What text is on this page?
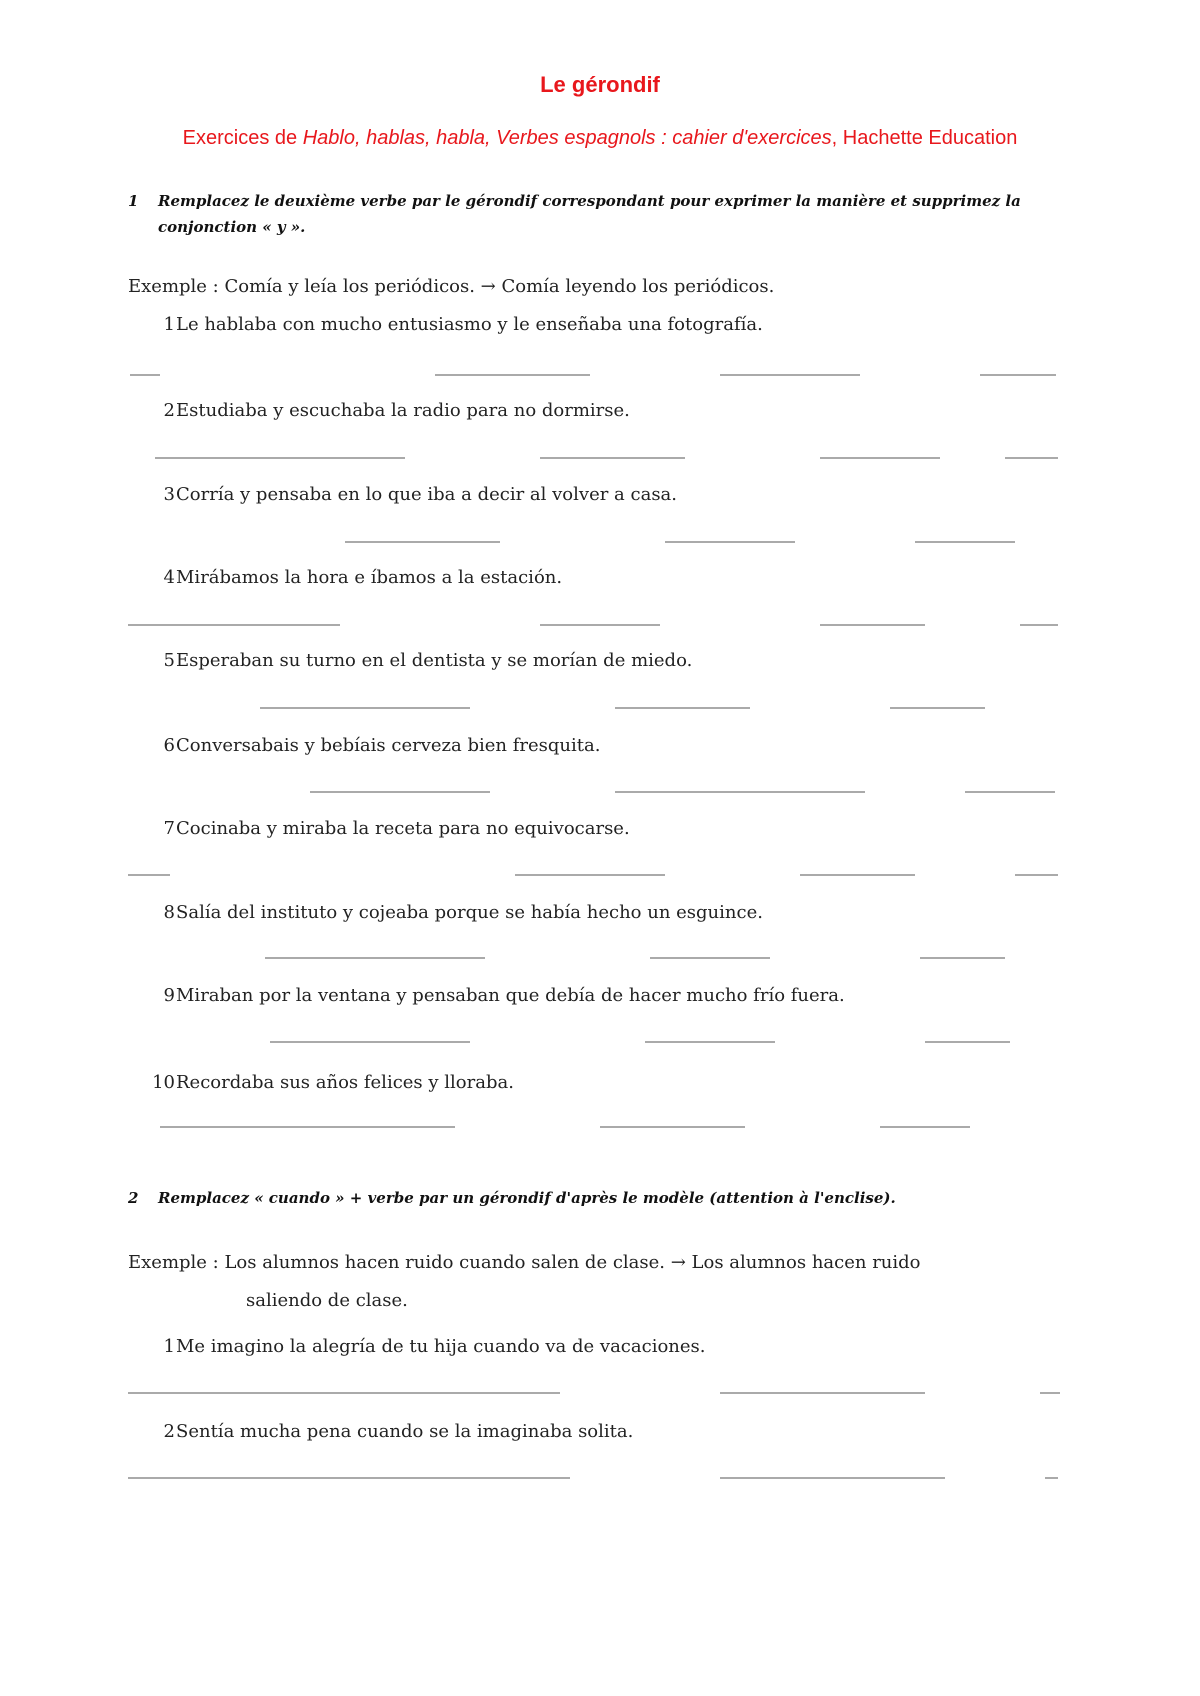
Le gérondif
Exercices de Hablo, hablas, habla, Verbes espagnols : cahier d'exercices, Hachette Education
1 Remplacez le deuxième verbe par le gérondif correspondant pour exprimer la manière et supprimez la conjonction « y ».
Exemple : Comía y leía los periódicos. → Comía leyendo los periódicos.
1 Le hablaba con mucho entusiasmo y le enseñaba una fotografía.
2 Estudiaba y escuchaba la radio para no dormirse.
3 Corría y pensaba en lo que iba a decir al volver a casa.
4 Mirábamos la hora e íbamos a la estación.
5 Esperaban su turno en el dentista y se morían de miedo.
6 Conversabais y bebíais cerveza bien fresquita.
7 Cocinaba y miraba la receta para no equivocarse.
8 Salía del instituto y cojeaba porque se había hecho un esguince.
9 Miraban por la ventana y pensaban que debía de hacer mucho frío fuera.
10 Recordaba sus años felices y lloraba.
2 Remplacez « cuando » + verbe par un gérondif d'après le modèle (attention à l'enclise).
Exemple : Los alumnos hacen ruido cuando salen de clase. → Los alumnos hacen ruido
saliendo de clase.
1 Me imagino la alegría de tu hija cuando va de vacaciones.
2 Sentía mucha pena cuando se la imaginaba solita.
